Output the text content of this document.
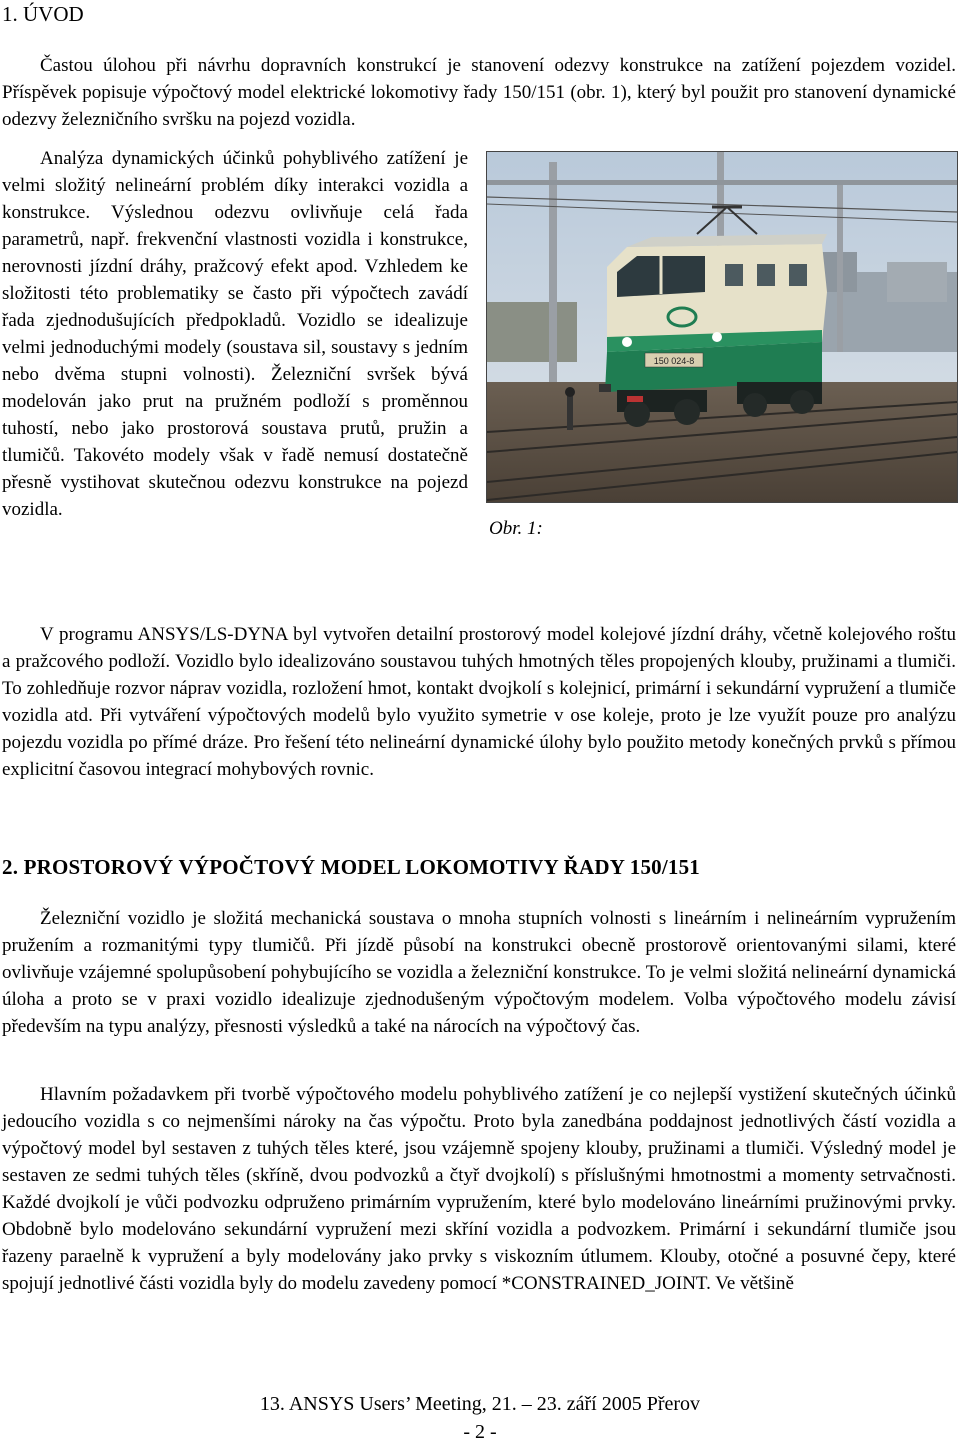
1. ÚVOD

Častou úlohou při návrhu dopravních konstrukcí je stanovení odezvy konstrukce na zatížení pojezdem vozidel. Příspěvek popisuje výpočtový model elektrické lokomotivy řady 150/151 (obr. 1), který byl použit pro stanovení dynamické odezvy železničního svršku na pojezd vozidla.

Analýza dynamických účinků pohyblivého zatížení je velmi složitý nelineární problém díky interakci vozidla a konstrukce. Výslednou odezvu ovlivňuje celá řada parametrů, např. frekvenční vlastnosti vozidla i konstrukce, nerovnosti jízdní dráhy, pražcový efekt apod. Vzhledem ke složitosti této problematiky se často při výpočtech zavádí řada zjednodušujících předpokladů. Vozidlo se idealizuje velmi jednoduchými modely (soustava sil, soustavy s jedním nebo dvěma stupni volnosti). Železniční svršek bývá modelován jako prut na pružném podloží s proměnnou tuhostí, nebo jako prostorová soustava prutů, pružin a tlumičů. Takovéto modely však v řadě nemusí dostatečně přesně vystihovat skutečnou odezvu konstrukce na pojezd vozidla.

150 024-8
Obr. 1:

V programu ANSYS/LS-DYNA byl vytvořen detailní prostorový model kolejové jízdní dráhy, včetně kolejového roštu a pražcového podloží. Vozidlo bylo idealizováno soustavou tuhých hmotných těles propojených klouby, pružinami a tlumiči. To zohledňuje rozvor náprav vozidla, rozložení hmot, kontakt dvojkolí s kolejnicí, primární i sekundární vypružení a tlumiče vozidla atd. Při vytváření výpočtových modelů bylo využito symetrie v ose koleje, proto je lze využít pouze pro analýzu pojezdu vozidla po přímé dráze. Pro řešení této nelineární dynamické úlohy bylo použito metody konečných prvků s přímou explicitní časovou integrací mohybových rovnic.

2. PROSTOROVÝ VÝPOČTOVÝ MODEL LOKOMOTIVY ŘADY 150/151

Železniční vozidlo je složitá mechanická soustava o mnoha stupních volnosti s lineárním i nelineárním vypružením pružením a rozmanitými typy tlumičů. Při jízdě působí na konstrukci obecně prostorově orientovanými silami, které ovlivňuje vzájemné spolupůsobení pohybujícího se vozidla a železniční konstrukce. To je velmi složitá nelineární dynamická úloha a proto se v praxi vozidlo idealizuje zjednodušeným výpočtovým modelem. Volba výpočtového modelu závisí především na typu analýzy, přesnosti výsledků a také na nárocích na výpočtový čas.

Hlavním požadavkem při tvorbě výpočtového modelu pohyblivého zatížení je co nejlepší vystižení skutečných účinků jedoucího vozidla s co nejmenšími nároky na čas výpočtu. Proto byla zanedbána poddajnost jednotlivých částí vozidla a výpočtový model byl sestaven z tuhých těles které, jsou vzájemně spojeny klouby, pružinami a tlumiči. Výsledný model je sestaven ze sedmi tuhých těles (skříně, dvou podvozků a čtyř dvojkolí) s příslušnými hmotnostmi a momenty setrvačnosti. Každé dvojkolí je vůči podvozku odpruženo primárním vypružením, které bylo modelováno lineárními pružinovými prvky. Obdobně bylo modelováno sekundární vypružení mezi skříní vozidla a podvozkem. Primární i sekundární tlumiče jsou řazeny paraelně k vypružení a byly modelovány jako prvky s viskozním útlumem. Klouby, otočné a posuvné čepy, které spojují jednotlivé části vozidla byly do modelu zavedeny pomocí *CONSTRAINED_JOINT. Ve většině

13. ANSYS Users’ Meeting, 21. – 23. září 2005 Přerov
- 2 -
